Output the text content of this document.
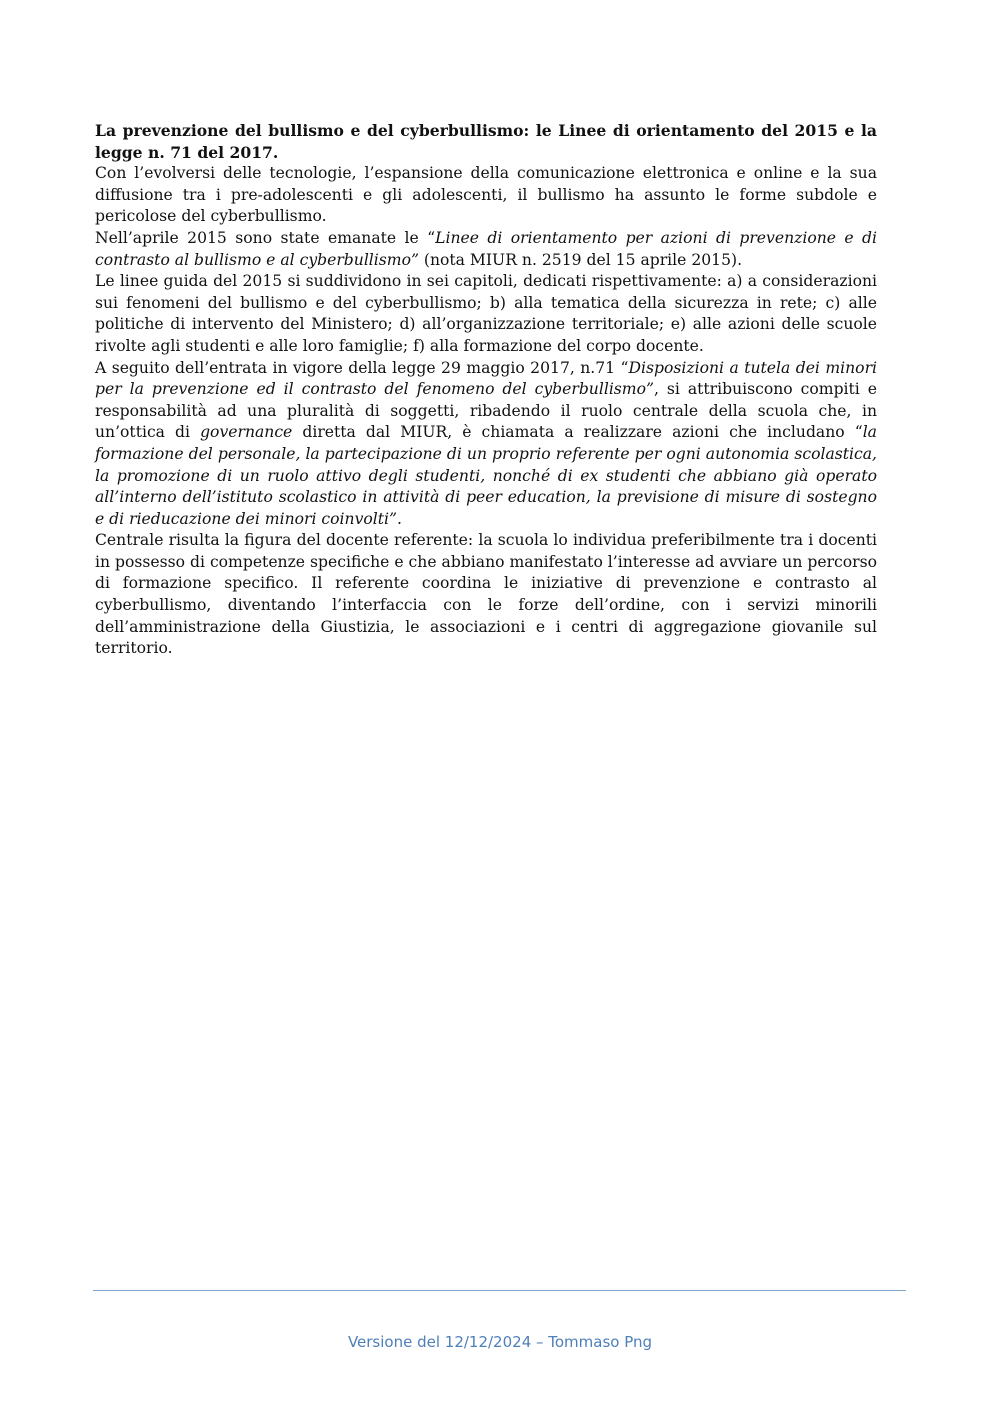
La prevenzione del bullismo e del cyberbullismo: le Linee di orientamento del 2015 e la legge n. 71 del 2017.

Con l’evolversi delle tecnologie, l’espansione della comunicazione elettronica e online e la sua diffusione tra i pre-adolescenti e gli adolescenti, il bullismo ha assunto le forme subdole e pericolose del cyberbullismo.

Nell’aprile 2015 sono state emanate le “Linee di orientamento per azioni di prevenzione e di contrasto al bullismo e al cyberbullismo” (nota MIUR n. 2519 del 15 aprile 2015).

Le linee guida del 2015 si suddividono in sei capitoli, dedicati rispettivamente: a) a considerazioni sui fenomeni del bullismo e del cyberbullismo; b) alla tematica della sicurezza in rete; c) alle politiche di intervento del Ministero; d) all’organizzazione territoriale; e) alle azioni delle scuole rivolte agli studenti e alle loro famiglie; f) alla formazione del corpo docente.

A seguito dell’entrata in vigore della legge 29 maggio 2017, n.71 “Disposizioni a tutela dei minori per la prevenzione ed il contrasto del fenomeno del cyberbullismo”, si attribuiscono compiti e responsabilità ad una pluralità di soggetti, ribadendo il ruolo centrale della scuola che, in un’ottica di governance diretta dal MIUR, è chiamata a realizzare azioni che includano “la formazione del personale, la partecipazione di un proprio referente per ogni autonomia scolastica, la promozione di un ruolo attivo degli studenti, nonché di ex studenti che abbiano già operato all’interno dell’istituto scolastico in attività di peer education, la previsione di misure di sostegno e di rieducazione dei minori coinvolti”.

Centrale risulta la figura del docente referente: la scuola lo individua preferibilmente tra i docenti in possesso di competenze specifiche e che abbiano manifestato l’interesse ad avviare un percorso di formazione specifico. Il referente coordina le iniziative di prevenzione e contrasto al cyberbullismo, diventando l’interfaccia con le forze dell’ordine, con i servizi minorili dell’amministrazione della Giustizia, le associazioni e i centri di aggregazione giovanile sul territorio.

Versione del 12/12/2024 – Tommaso Png
